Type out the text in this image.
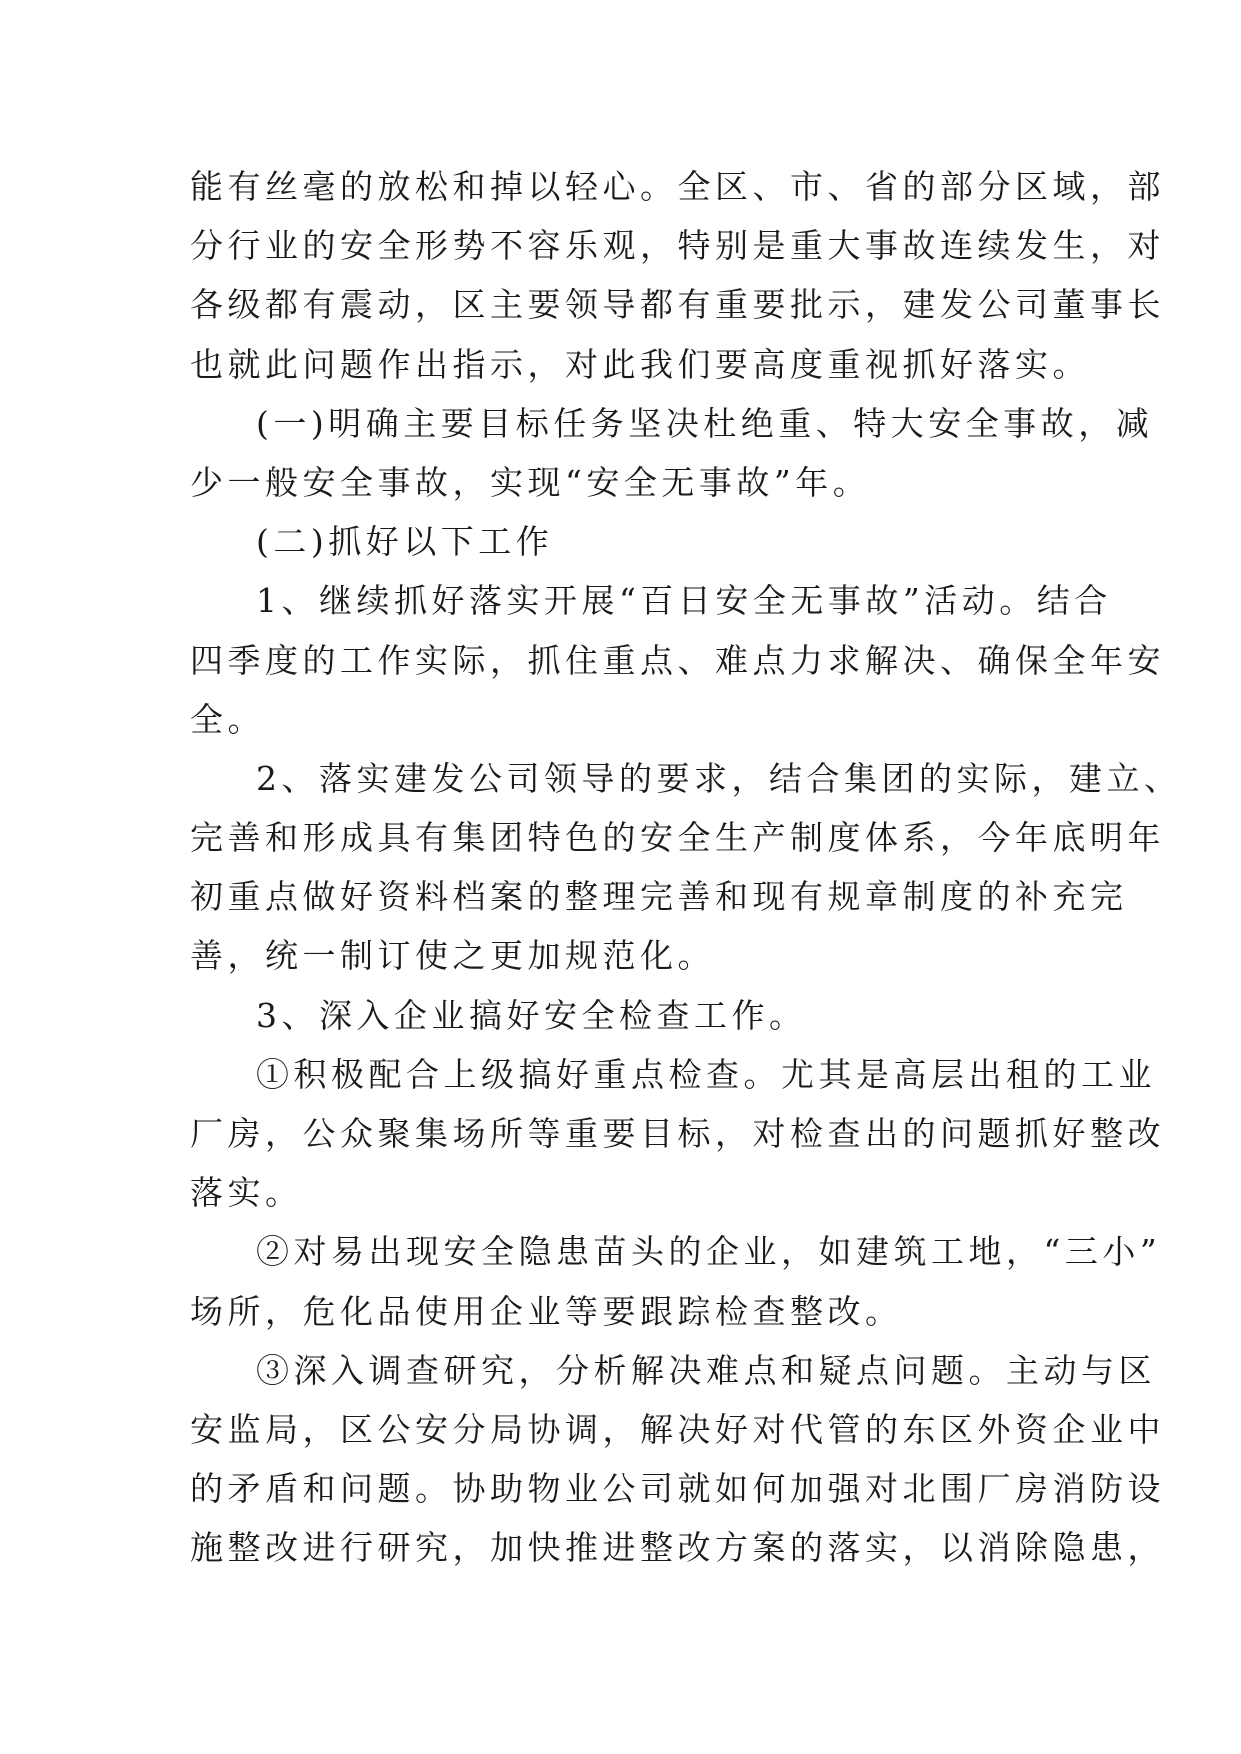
能有丝毫的放松和掉以轻心。全区、市、省的部分区域，部
分行业的安全形势不容乐观，特别是重大事故连续发生，对
各级都有震动，区主要领导都有重要批示，建发公司董事长
也就此问题作出指示，对此我们要高度重视抓好落实。
(一)明确主要目标任务坚决杜绝重、特大安全事故，减
少一般安全事故，实现“安全无事故”年。
(二)抓好以下工作
1、继续抓好落实开展“百日安全无事故”活动。结合
四季度的工作实际，抓住重点、难点力求解决、确保全年安
全。
2、落实建发公司领导的要求，结合集团的实际，建立、
完善和形成具有集团特色的安全生产制度体系，今年底明年
初重点做好资料档案的整理完善和现有规章制度的补充完
善，统一制订使之更加规范化。
3、深入企业搞好安全检查工作。
①积极配合上级搞好重点检查。尤其是高层出租的工业
厂房，公众聚集场所等重要目标，对检查出的问题抓好整改
落实。
②对易出现安全隐患苗头的企业，如建筑工地，“三小”
场所，危化品使用企业等要跟踪检查整改。
③深入调查研究，分析解决难点和疑点问题。主动与区
安监局，区公安分局协调，解决好对代管的东区外资企业中
的矛盾和问题。协助物业公司就如何加强对北围厂房消防设
施整改进行研究，加快推进整改方案的落实，以消除隐患，
